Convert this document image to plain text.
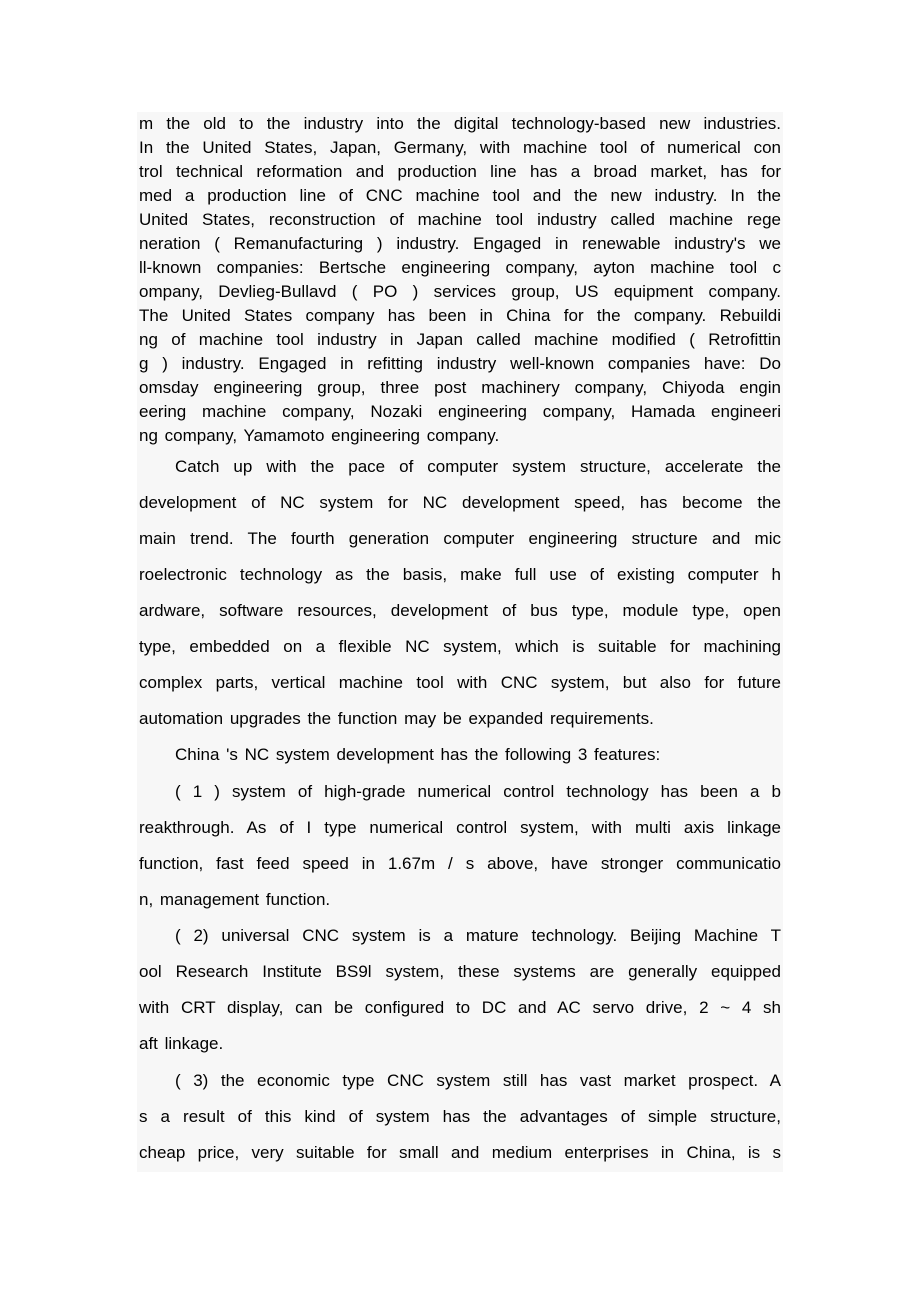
m the old to the industry into the digital technology-based new industries.
In the United States, Japan, Germany, with machine tool of numerical con
trol technical reformation and production line has a broad market, has for
med a production line of CNC machine tool and the new industry. In the
United States, reconstruction of machine tool industry called machine rege
neration ( Remanufacturing ) industry. Engaged in renewable industry's we
ll-known companies: Bertsche engineering company, ayton machine tool c
ompany, Devlieg-Bullavd ( PO ) services group, US equipment company.
The United States company has been in China for the company. Rebuildi
ng of machine tool industry in Japan called machine modified ( Retrofittin
g ) industry. Engaged in refitting industry well-known companies have: Do
omsday engineering group, three post machinery company, Chiyoda engin
eering machine company, Nozaki engineering company, Hamada engineeri
ng company, Yamamoto engineering company.
Catch up with the pace of computer system structure, accelerate the
development of NC system for NC development speed, has become the
main trend. The fourth generation computer engineering structure and mic
roelectronic technology as the basis, make full use of existing computer h
ardware, software resources, development of bus type, module type, open
type, embedded on a flexible NC system, which is suitable for machining
complex parts, vertical machine tool with CNC system, but also for future
automation upgrades the function may be expanded requirements.
China 's NC system development has the following 3 features:
( 1 ) system of high-grade numerical control technology has been a b
reakthrough. As of I type numerical control system, with multi axis linkage
function, fast feed speed in 1.67m / s above, have stronger communicatio
n, management function.
( 2) universal CNC system is a mature technology. Beijing Machine T
ool Research Institute BS9l system, these systems are generally equipped
with CRT display, can be configured to DC and AC servo drive, 2 ~ 4 sh
aft linkage.
( 3) the economic type CNC system still has vast market prospect. A
s a result of this kind of system has the advantages of simple structure,
cheap price, very suitable for small and medium enterprises in China, is s
